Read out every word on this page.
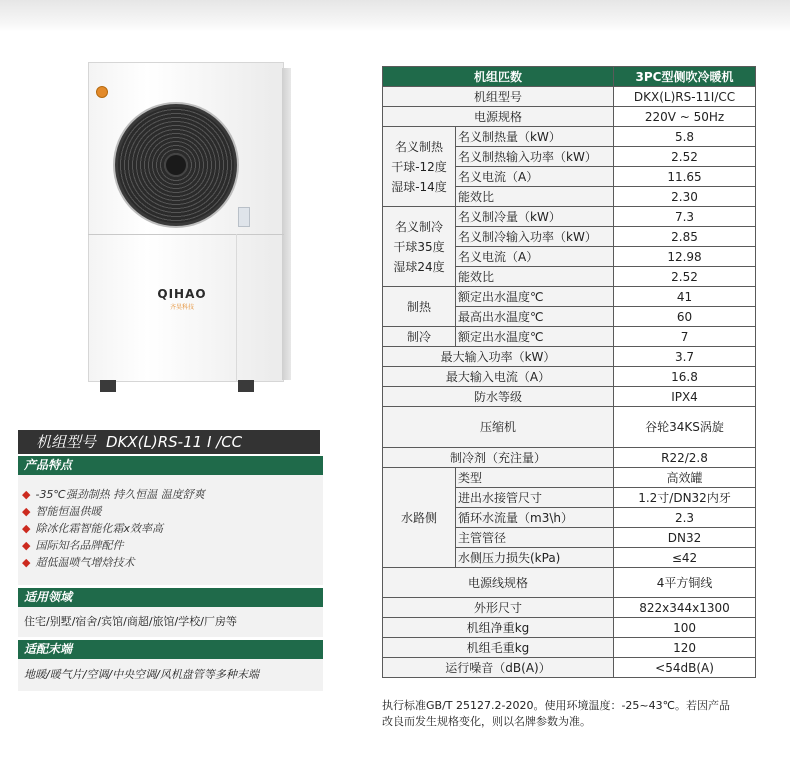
QIHAO
齐昊科技
机组型号 DKX(L)RS-11 I /CC
产品特点
◆ -35℃强劲制热 持久恒温 温度舒爽
◆ 智能恒温供暖
◆ 除冰化霜智能化霜x效率高
◆ 国际知名品牌配件
◆ 超低温喷气增焓技术
适用领域
住宅/别墅/宿舍/宾馆/商超/旅馆/学校/厂房等
适配末端
地暖/暖气片/空调/中央空调/风机盘管等多种末端
机组匹数		3PC型侧吹冷暖机
机组型号		DKX(L)RS-11I/CC
电源规格		220V ~ 50Hz

名义制热
干球-12度
湿球-14度	名义制热量（kW）	5.8
	名义制热输入功率（kW）	2.52
	名义电流（A）	11.65
	能效比	2.30

名义制冷
干球35度
湿球24度	名义制冷量（kW）	7.3
	名义制冷输入功率（kW）	2.85
	名义电流（A）	12.98
	能效比	2.52
制热	额定出水温度℃	41
	最高出水温度℃	60
制冷	额定出水温度℃	7
最大输入功率（kW）		3.7
最大输入电流（A）		16.8
防水等级		IPX4
压缩机		谷轮34KS涡旋
制冷剂（充注量）		R22/2.8
水路侧	类型	高效罐
	进出水接管尺寸	1.2寸/DN32内牙
	循环水流量（m3\h）	2.3
	主管管径	DN32
	水侧压力损失(kPa)	≤42
电源线规格		4平方铜线
外形尺寸		822x344x1300
机组净重kg		100
机组毛重kg		120
运行噪音（dB(A)）		<54dB(A)
执行标准GB/T 25127.2-2020。使用环境温度：-25~43℃。若因产品
改良而发生规格变化，则以名牌参数为准。
